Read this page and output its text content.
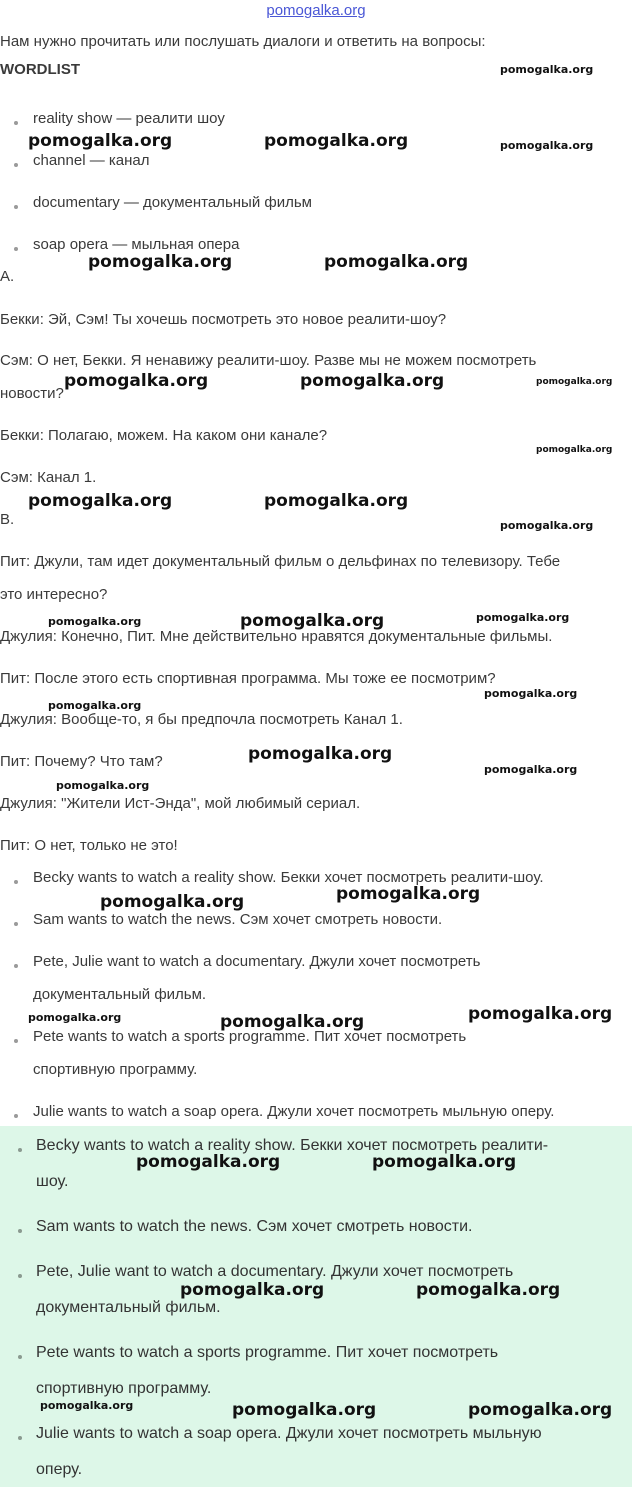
pomogalka.org
Нам нужно прочитать или послушать диалоги и ответить на вопросы:
WORDLIST
reality show — реалити шоу
channel — канал
documentary — документальный фильм
soap opera — мыльная опера
A.
Бекки: Эй, Сэм! Ты хочешь посмотреть это новое реалити-шоу?
Сэм: О нет, Бекки. Я ненавижу реалити-шоу. Разве мы не можем посмотреть
новости?
Бекки: Полагаю, можем. На каком они канале?
Сэм: Канал 1.
B.
Пит: Джули, там идет документальный фильм о дельфинах по телевизору. Тебе
это интересно?
Джулия: Конечно, Пит. Мне действительно нравятся документальные фильмы.
Пит: После этого есть спортивная программа. Мы тоже ее посмотрим?
Джулия: Вообще-то, я бы предпочла посмотреть Канал 1.
Пит: Почему? Что там?
Джулия: "Жители Ист-Энда", мой любимый сериал.
Пит: О нет, только не это!
Becky wants to watch a reality show. Бекки хочет посмотреть реалити-шоу.
Sam wants to watch the news. Сэм хочет смотреть новости.
Pete, Julie want to watch a documentary. Джули хочет посмотреть
документальный фильм.
Pete wants to watch a sports programme. Пит хочет посмотреть
спортивную программу.
Julie wants to watch a soap opera. Джули хочет посмотреть мыльную оперу.
Becky wants to watch a reality show. Бекки хочет посмотреть реалити-
шоу.
Sam wants to watch the news. Сэм хочет смотреть новости.
Pete, Julie want to watch a documentary. Джули хочет посмотреть
документальный фильм.
Pete wants to watch a sports programme. Пит хочет посмотреть
спортивную программу.
Julie wants to watch a soap opera. Джули хочет посмотреть мыльную
оперу.
pomogalka.org
pomogalka.org	pomogalka.org	pomogalka.org
pomogalka.org	pomogalka.org
pomogalka.org	pomogalka.org	pomogalka.org
pomogalka.org
pomogalka.org	pomogalka.org
pomogalka.org
pomogalka.org	pomogalka.org	pomogalka.org
pomogalka.org
pomogalka.org
pomogalka.org
pomogalka.org
pomogalka.org
pomogalka.org
pomogalka.org
pomogalka.org
pomogalka.org	pomogalka.org
pomogalka.org	pomogalka.org
pomogalka.org	pomogalka.org
pomogalka.org	pomogalka.org	pomogalka.org
